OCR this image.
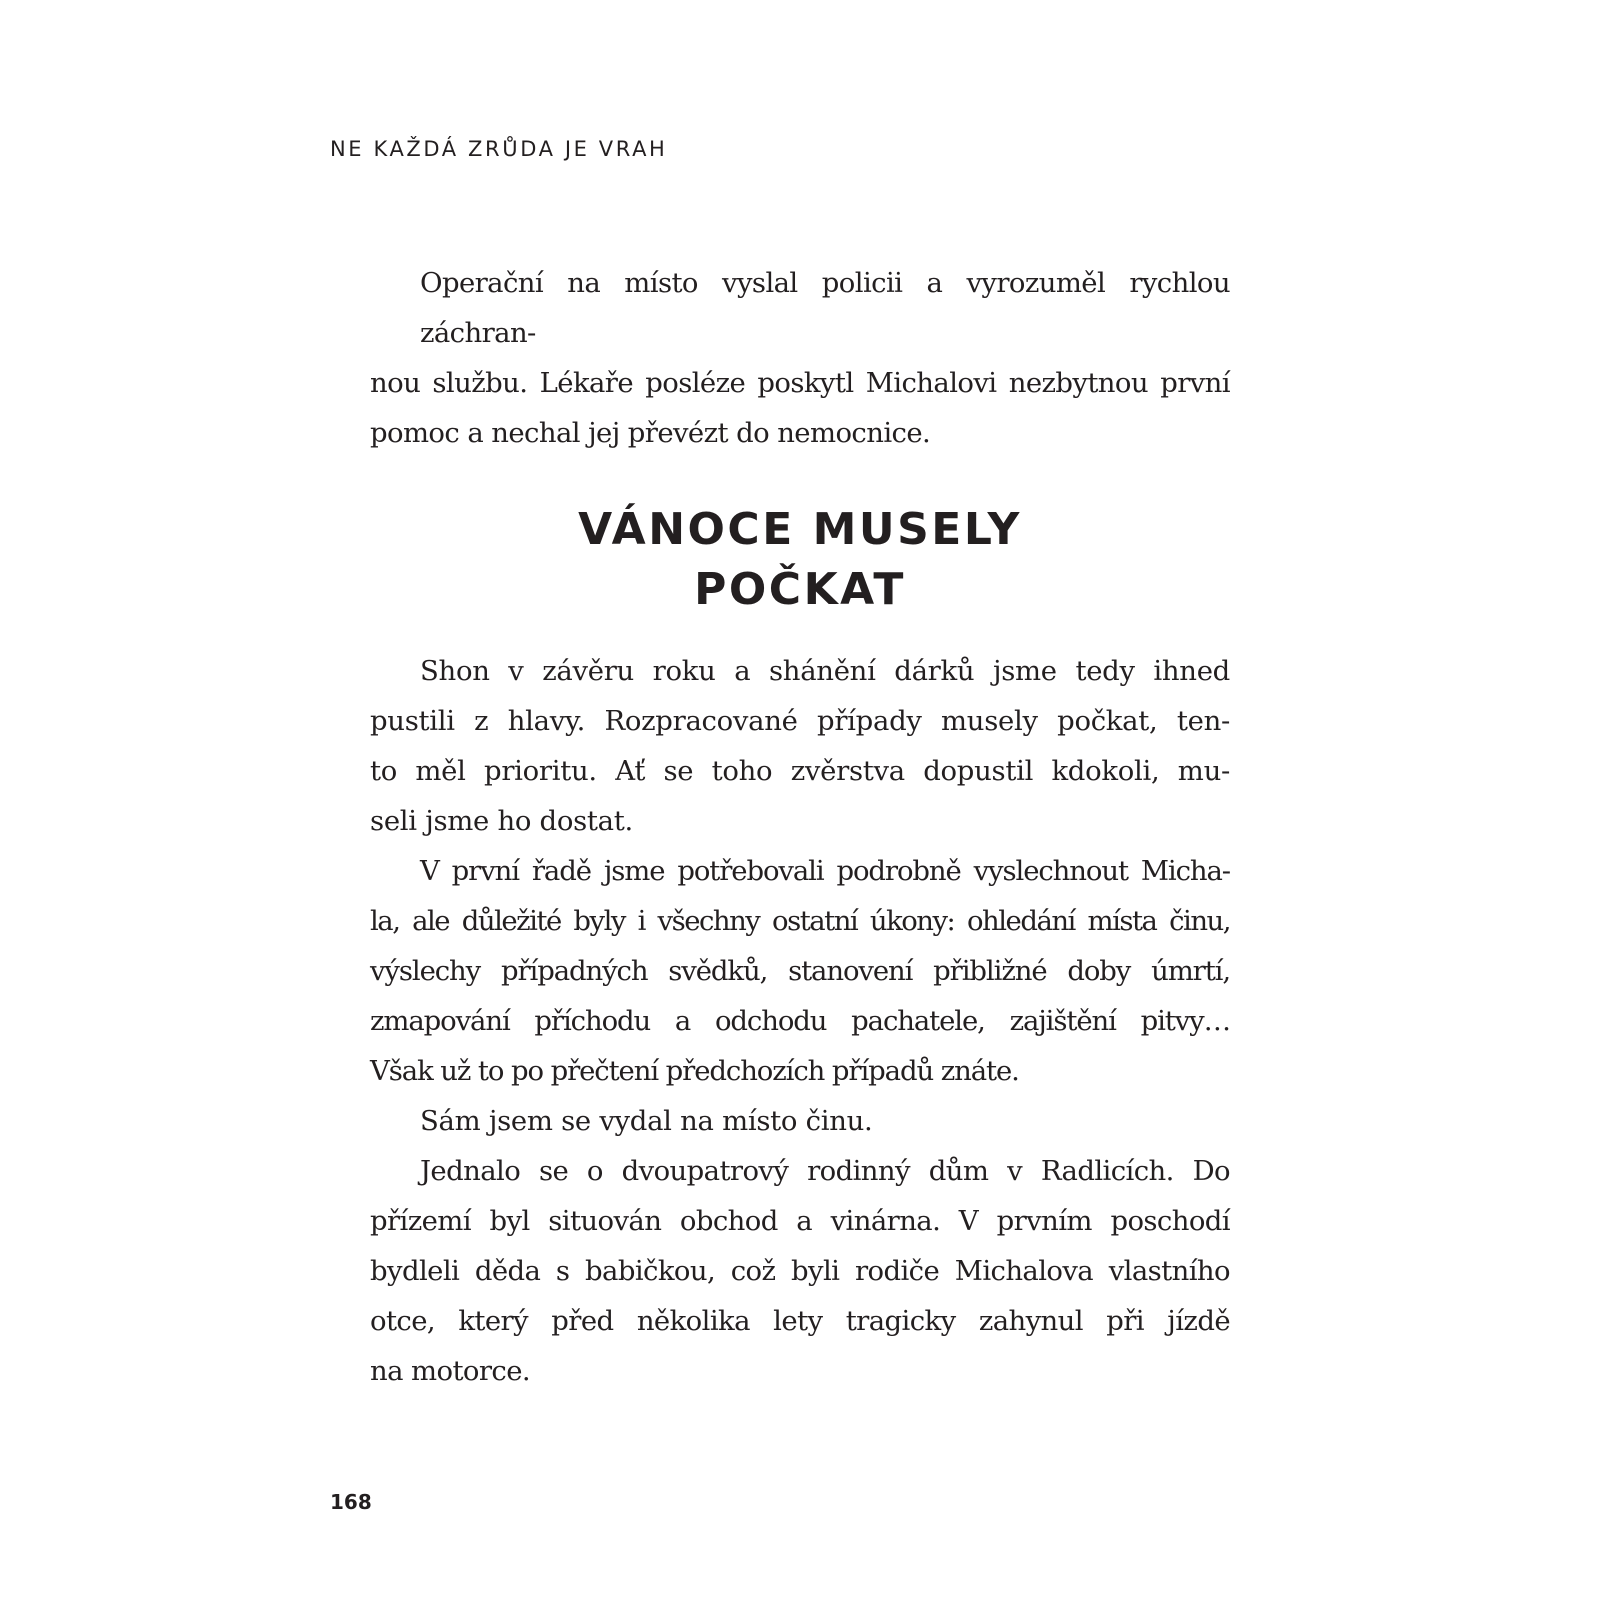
NE KAŽDÁ ZRŮDA JE VRAH
Operační na místo vyslal policii a vyrozuměl rychlou záchran-
nou službu. Lékaře posléze poskytl Michalovi nezbytnou první
pomoc a nechal jej převézt do nemocnice.
VÁNOCE MUSELY
POČKAT
Shon v závěru roku a shánění dárků jsme tedy ihned
pustili z hlavy. Rozpracované případy musely počkat, ten-
to měl prioritu. Ať se toho zvěrstva dopustil kdokoli, mu-
seli jsme ho dostat.
V první řadě jsme potřebovali podrobně vyslechnout Micha-
la, ale důležité byly i všechny ostatní úkony: ohledání místa činu,
výslechy případných svědků, stanovení přibližné doby úmrtí,
zmapování příchodu a odchodu pachatele, zajištění pitvy…
Však už to po přečtení předchozích případů znáte.
Sám jsem se vydal na místo činu.
Jednalo se o dvoupatrový rodinný dům v Radlicích. Do
přízemí byl situován obchod a vinárna. V prvním poschodí
bydleli děda s babičkou, což byli rodiče Michalova vlastního
otce, který před několika lety tragicky zahynul při jízdě
na motorce.
168
